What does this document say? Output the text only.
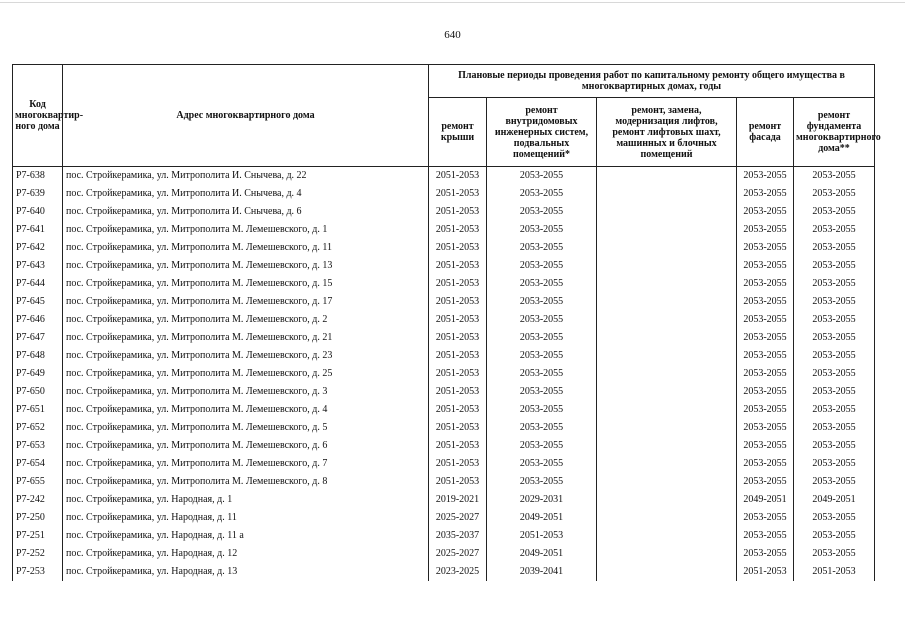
640
Код многоквартир-ного дома	Адрес многоквартирного дома	Плановые периоды проведения работ по капитальному ремонту общего имущества в многоквартирных домах, годы				
		ремонт крыши	ремонт внутридомовых инженерных систем, подвальных помещений*	ремонт, замена, модернизация лифтов, ремонт лифтовых шахт, машинных и блочных помещений	ремонт фасада	ремонт фундамента многоквартирного дома**
Р7-638	пос. Стройкерамика, ул. Митрополита И. Снычева, д. 22	2051-2053	2053-2055		2053-2055	2053-2055
Р7-639	пос. Стройкерамика, ул. Митрополита И. Снычева, д. 4	2051-2053	2053-2055		2053-2055	2053-2055
Р7-640	пос. Стройкерамика, ул. Митрополита И. Снычева, д. 6	2051-2053	2053-2055		2053-2055	2053-2055
Р7-641	пос. Стройкерамика, ул. Митрополита М. Лемешевского, д. 1	2051-2053	2053-2055		2053-2055	2053-2055
Р7-642	пос. Стройкерамика, ул. Митрополита М. Лемешевского, д. 11	2051-2053	2053-2055		2053-2055	2053-2055
Р7-643	пос. Стройкерамика, ул. Митрополита М. Лемешевского, д. 13	2051-2053	2053-2055		2053-2055	2053-2055
Р7-644	пос. Стройкерамика, ул. Митрополита М. Лемешевского, д. 15	2051-2053	2053-2055		2053-2055	2053-2055
Р7-645	пос. Стройкерамика, ул. Митрополита М. Лемешевского, д. 17	2051-2053	2053-2055		2053-2055	2053-2055
Р7-646	пос. Стройкерамика, ул. Митрополита М. Лемешевского, д. 2	2051-2053	2053-2055		2053-2055	2053-2055
Р7-647	пос. Стройкерамика, ул. Митрополита М. Лемешевского, д. 21	2051-2053	2053-2055		2053-2055	2053-2055
Р7-648	пос. Стройкерамика, ул. Митрополита М. Лемешевского, д. 23	2051-2053	2053-2055		2053-2055	2053-2055
Р7-649	пос. Стройкерамика, ул. Митрополита М. Лемешевского, д. 25	2051-2053	2053-2055		2053-2055	2053-2055
Р7-650	пос. Стройкерамика, ул. Митрополита М. Лемешевского, д. 3	2051-2053	2053-2055		2053-2055	2053-2055
Р7-651	пос. Стройкерамика, ул. Митрополита М. Лемешевского, д. 4	2051-2053	2053-2055		2053-2055	2053-2055
Р7-652	пос. Стройкерамика, ул. Митрополита М. Лемешевского, д. 5	2051-2053	2053-2055		2053-2055	2053-2055
Р7-653	пос. Стройкерамика, ул. Митрополита М. Лемешевского, д. 6	2051-2053	2053-2055		2053-2055	2053-2055
Р7-654	пос. Стройкерамика, ул. Митрополита М. Лемешевского, д. 7	2051-2053	2053-2055		2053-2055	2053-2055
Р7-655	пос. Стройкерамика, ул. Митрополита М. Лемешевского, д. 8	2051-2053	2053-2055		2053-2055	2053-2055
Р7-242	пос. Стройкерамика, ул. Народная, д. 1	2019-2021	2029-2031		2049-2051	2049-2051
Р7-250	пос. Стройкерамика, ул. Народная, д. 11	2025-2027	2049-2051		2053-2055	2053-2055
Р7-251	пос. Стройкерамика, ул. Народная, д. 11 а	2035-2037	2051-2053		2053-2055	2053-2055
Р7-252	пос. Стройкерамика, ул. Народная, д. 12	2025-2027	2049-2051		2053-2055	2053-2055
Р7-253	пос. Стройкерамика, ул. Народная, д. 13	2023-2025	2039-2041		2051-2053	2051-2053
